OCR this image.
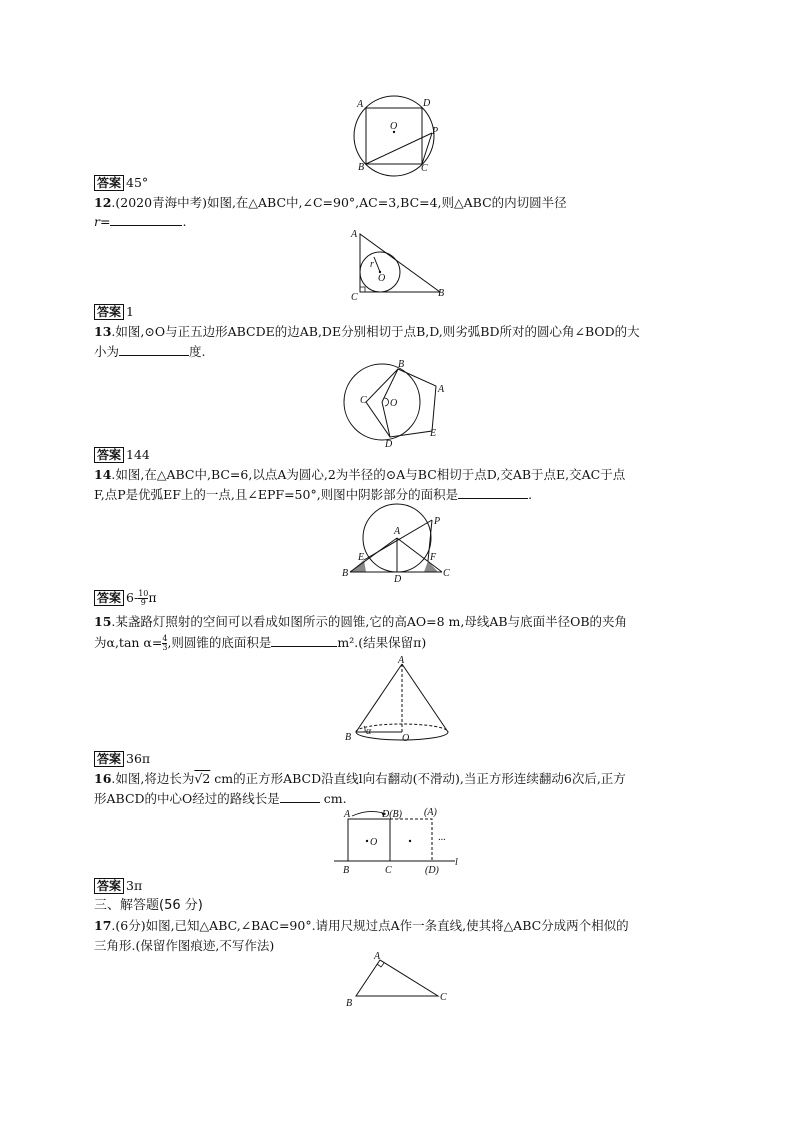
A	D
O	P
B	C
答案 45°
12.(2020青海中考)如图,在△ABC中,∠C=90°,AC=3,BC=4,则△ABC的内切圆半径
r=	.
A
r
O
C	B
答案 1
13.如图,⊙O与正五边形ABCDE的边AB,DE分别相切于点B,D,则劣弧BD所对的圆心角∠BOD的大
小为	度.
B
A
C O
E
D
答案 144
14.如图,在△ABC中,BC=6,以点A为圆心,2为半径的⊙A与BC相切于点D,交AB于点E,交AC于点
F,点P是优弧EF上的一点,且∠EPF=50°,则图中阴影部分的面积是	.
A
P
E	F
B
D
C
答案 $6- \frac{10}{9}$ π
15.某盏路灯照射的空间可以看成如图所示的圆锥,它的高AO=8 m,母线AB与底面半径OB的夹角
为α,tan $\alpha= \frac{4}{3}$ ,则圆锥的底面积是	m².(结果保留π)
A
B
α
O
答案 36π
16.如图,将边长为√2 cm的正方形ABCD沿直线l向右翻动(不滑动),当正方形连续翻动6次后,正方
形ABCD的中心O经过的路线长是	cm.
A	D(B) (A)
···
O
B	C	(D)
l
答案 3π
三、解答题(56 分)
17.(6分)如图,已知△ABC,∠BAC=90°.请用尺规过点A作一条直线,使其将△ABC分成两个相似的
三角形.(保留作图痕迹,不写作法)
A
B
C
